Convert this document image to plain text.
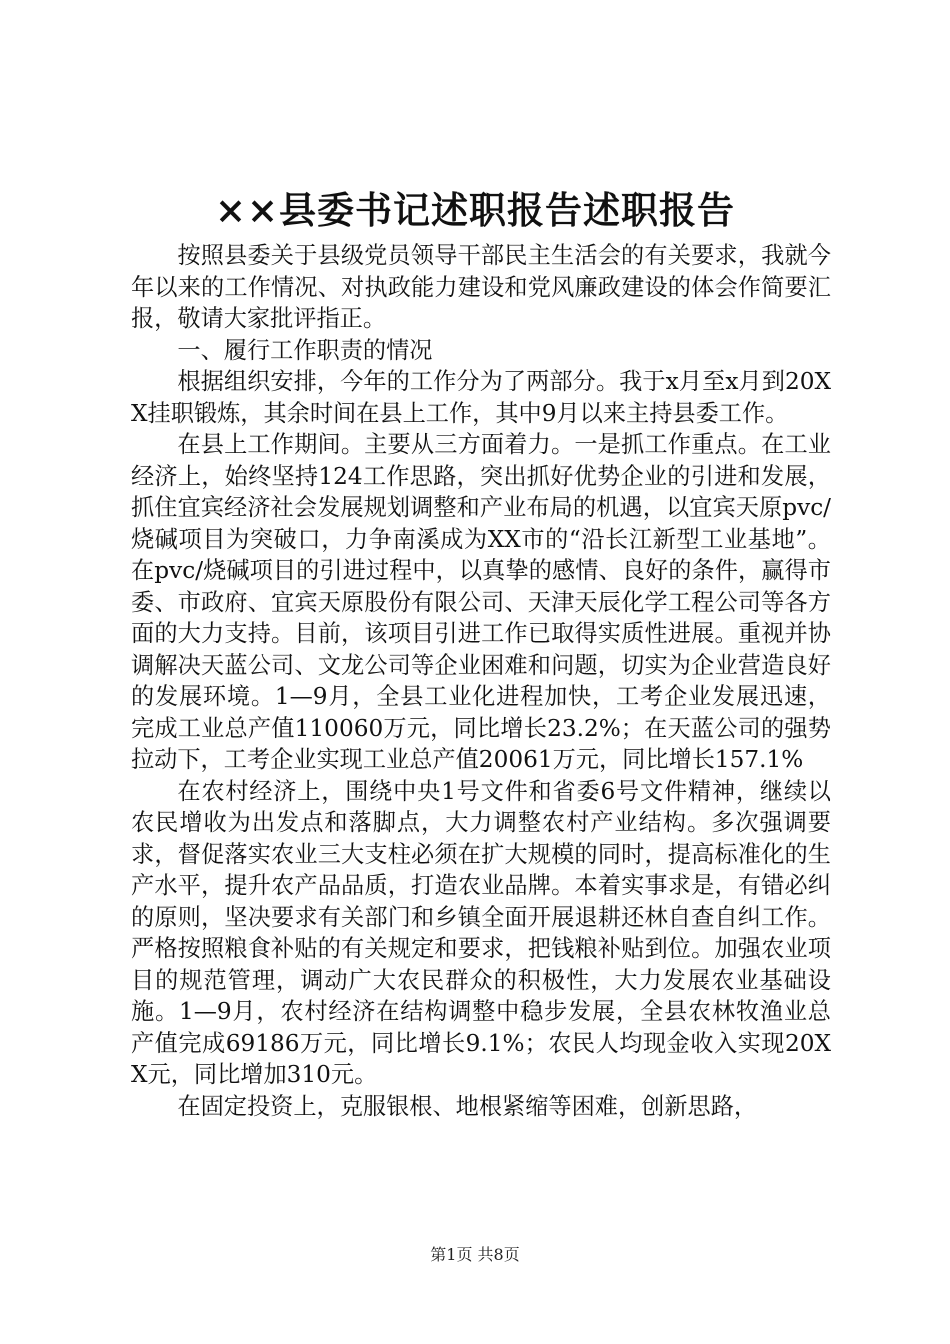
××县委书记述职报告述职报告

按照县委关于县级党员领导干部民主生活会的有关要求，我就今年以来的工作情况、对执政能力建设和党风廉政建设的体会作简要汇报，敬请大家批评指正。

一、履行工作职责的情况

根据组织安排，今年的工作分为了两部分。我于x月至x月到20XX挂职锻炼，其余时间在县上工作，其中9月以来主持县委工作。

在县上工作期间。主要从三方面着力。一是抓工作重点。在工业经济上，始终坚持124工作思路，突出抓好优势企业的引进和发展，抓住宜宾经济社会发展规划调整和产业布局的机遇，以宜宾天原pvc/烧碱项目为突破口，力争南溪成为XX市的“沿长江新型工业基地”。在pvc/烧碱项目的引进过程中，以真挚的感情、良好的条件，赢得市委、市政府、宜宾天原股份有限公司、天津天辰化学工程公司等各方面的大力支持。目前，该项目引进工作已取得实质性进展。重视并协调解决天蓝公司、文龙公司等企业困难和问题，切实为企业营造良好的发展环境。1—9月，全县工业化进程加快，工考企业发展迅速，完成工业总产值110060万元，同比增长23.2%；在天蓝公司的强势拉动下，工考企业实现工业总产值20061万元，同比增长157.1%

在农村经济上，围绕中央1号文件和省委6号文件精神，继续以农民增收为出发点和落脚点，大力调整农村产业结构。多次强调要求，督促落实农业三大支柱必须在扩大规模的同时，提高标准化的生产水平，提升农产品品质，打造农业品牌。本着实事求是，有错必纠的原则，坚决要求有关部门和乡镇全面开展退耕还林自查自纠工作。严格按照粮食补贴的有关规定和要求，把钱粮补贴到位。加强农业项目的规范管理，调动广大农民群众的积极性，大力发展农业基础设施。1—9月，农村经济在结构调整中稳步发展，全县农林牧渔业总产值完成69186万元，同比增长9.1%；农民人均现金收入实现20XX元，同比增加310元。

在固定投资上，克服银根、地根紧缩等困难，创新思路，

第1页 共8页
